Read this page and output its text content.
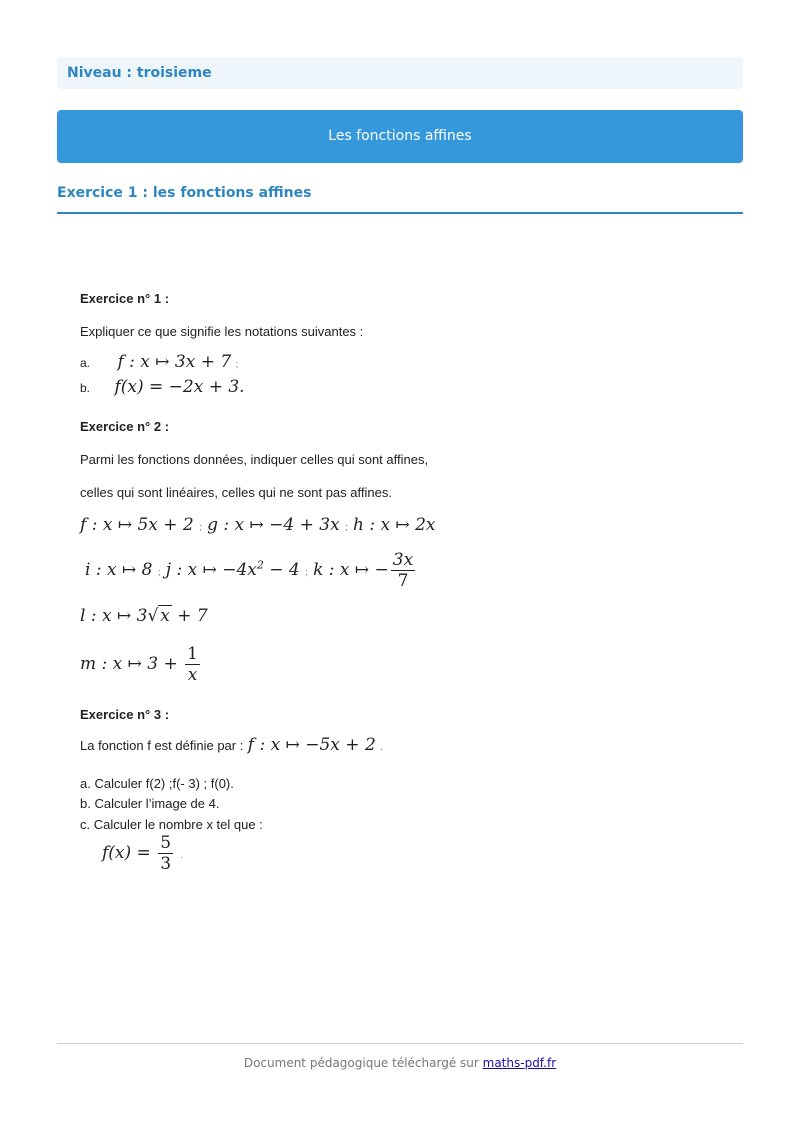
Niveau : troisieme
Les fonctions affines
Exercice 1 : les fonctions affines
Exercice n° 1 :
Expliquer ce que signifie les notations suivantes :
a. f : x ↦ 3x + 7 ;
b. f(x) = −2x + 3.
Exercice n° 2 :
Parmi les fonctions données, indiquer celles qui sont affines,
celles qui sont linéaires, celles qui ne sont pas affines.
f : x ↦ 5x + 2 ; g : x ↦ −4 + 3x ; h : x ↦ 2x
i : x ↦ 8 ; j : x ↦ $-4x^2 - 4$ ; k : x ↦ − $\frac{3x}{7}$
l : x ↦ 3√ x + 7
m : x ↦ $3 + \frac{1}{x}$
Exercice n° 3 :
La fonction f est définie par : f : x ↦ −5x + 2 .
a. Calculer f(2) ;f(- 3) ; f(0).
b. Calculer l’image de 4.
c. Calculer le nombre x tel que :
$f(x) = \frac{5}{3}$ .
Document pédagogique téléchargé sur maths-pdf.fr
